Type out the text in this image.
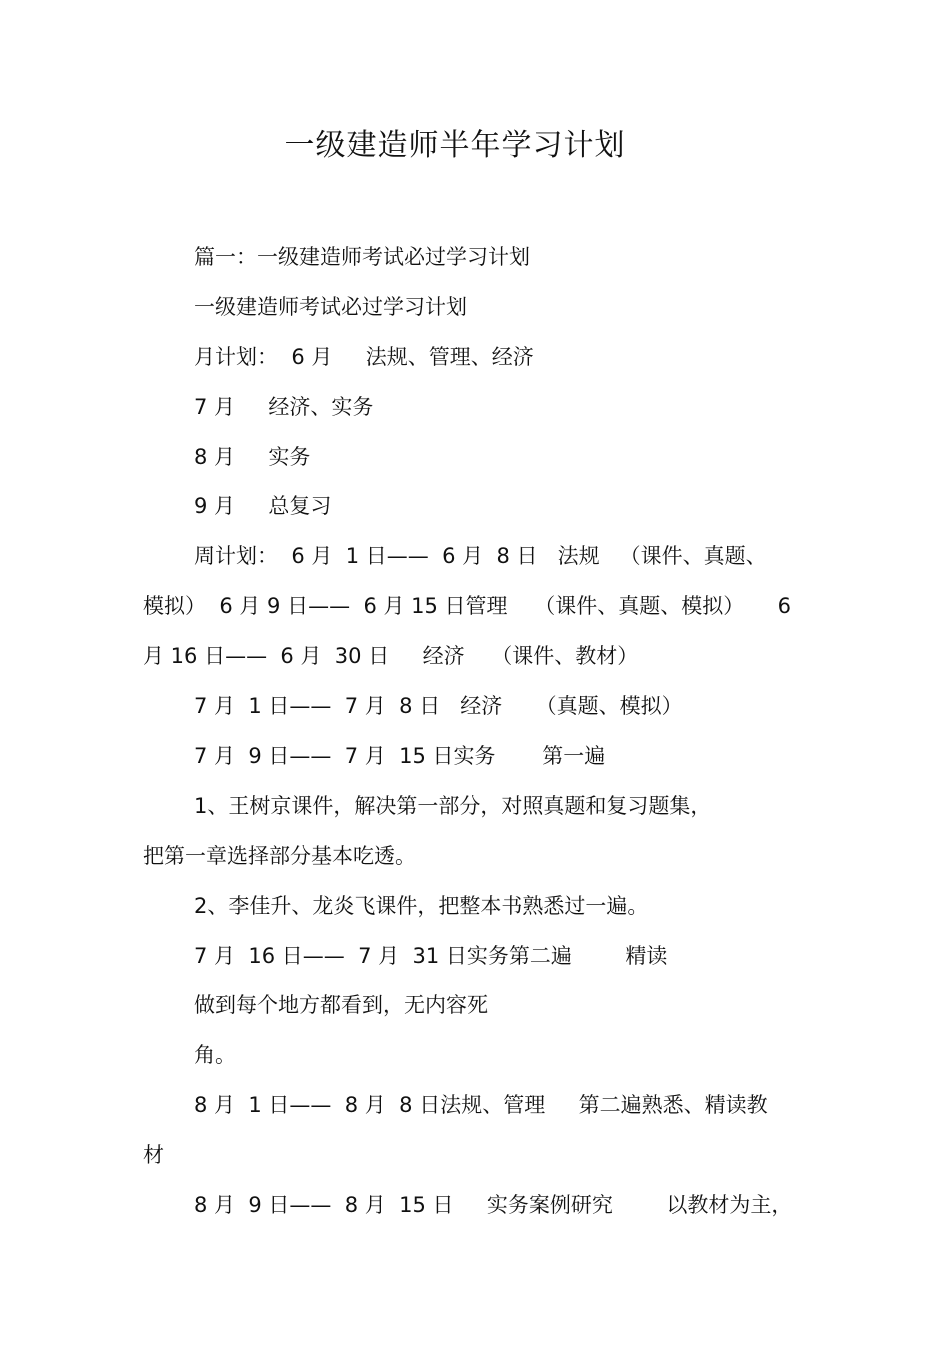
一级建造师半年学习计划
篇一：一级建造师考试必过学习计划
一级建造师考试必过学习计划
月计划：  6 月     法规、管理、经济
7 月     经济、实务
8 月     实务
9 月     总复习
周计划：  6 月  1 日——  6 月  8 日   法规   （课件、真题、
模拟）  6 月 9 日——  6 月 15 日管理    （课件、真题、模拟）     6
月 16 日——  6 月  30 日     经济    （课件、教材）
7 月  1 日——  7 月  8 日   经济     （真题、模拟）
7 月  9 日——  7 月  15 日实务       第一遍
1、王树京课件，解决第一部分，对照真题和复习题集，
把第一章选择部分基本吃透。
2、李佳升、龙炎飞课件，把整本书熟悉过一遍。
7 月  16 日——  7 月  31 日实务第二遍        精读
做到每个地方都看到，无内容死
角。
8 月  1 日——  8 月  8 日法规、管理     第二遍熟悉、精读教
材
8 月  9 日——  8 月  15 日     实务案例研究        以教材为主，
